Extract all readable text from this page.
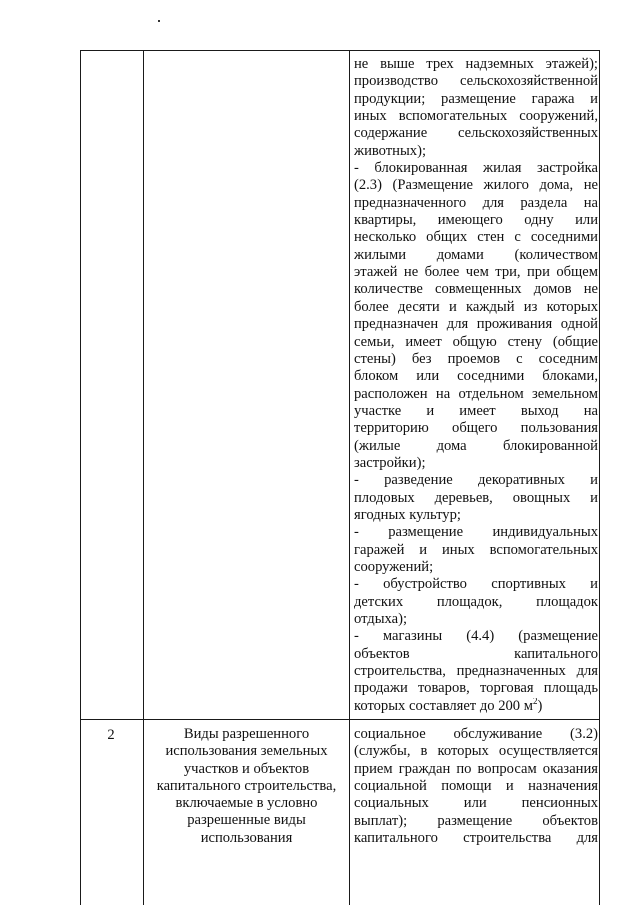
не выше трех надземных этажей);
производство сельскохозяйственной
продукции; размещение гаража и
иных вспомогательных сооружений,
содержание сельскохозяйственных
животных);
- блокированная жилая застройка
(2.3) (Размещение жилого дома, не
предназначенного для раздела на
квартиры, имеющего одну или
несколько общих стен с соседними
жилыми домами (количеством
этажей не более чем три, при общем
количестве совмещенных домов не
более десяти и каждый из которых
предназначен для проживания одной
семьи, имеет общую стену (общие
стены) без проемов с соседним
блоком или соседними блоками,
расположен на отдельном земельном
участке и имеет выход на
территорию общего пользования
(жилые дома блокированной
застройки);
- разведение декоративных и
плодовых деревьев, овощных и
ягодных культур;
- размещение индивидуальных
гаражей и иных вспомогательных
сооружений;
- обустройство спортивных и
детских площадок, площадок
отдыха);
- магазины (4.4) (размещение
объектов капитального
строительства, предназначенных для
продажи товаров, торговая площадь
которых составляет до 200 $м^2$)
2	Виды разрешенного
использования земельных
участков и объектов
капитального строительства,
включаемые в условно
разрешенные виды
использования
социальное обслуживание (3.2)
(службы, в которых осуществляется
прием граждан по вопросам оказания
социальной помощи и назначения
социальных или пенсионных
выплат); размещение объектов
капитального строительства для
